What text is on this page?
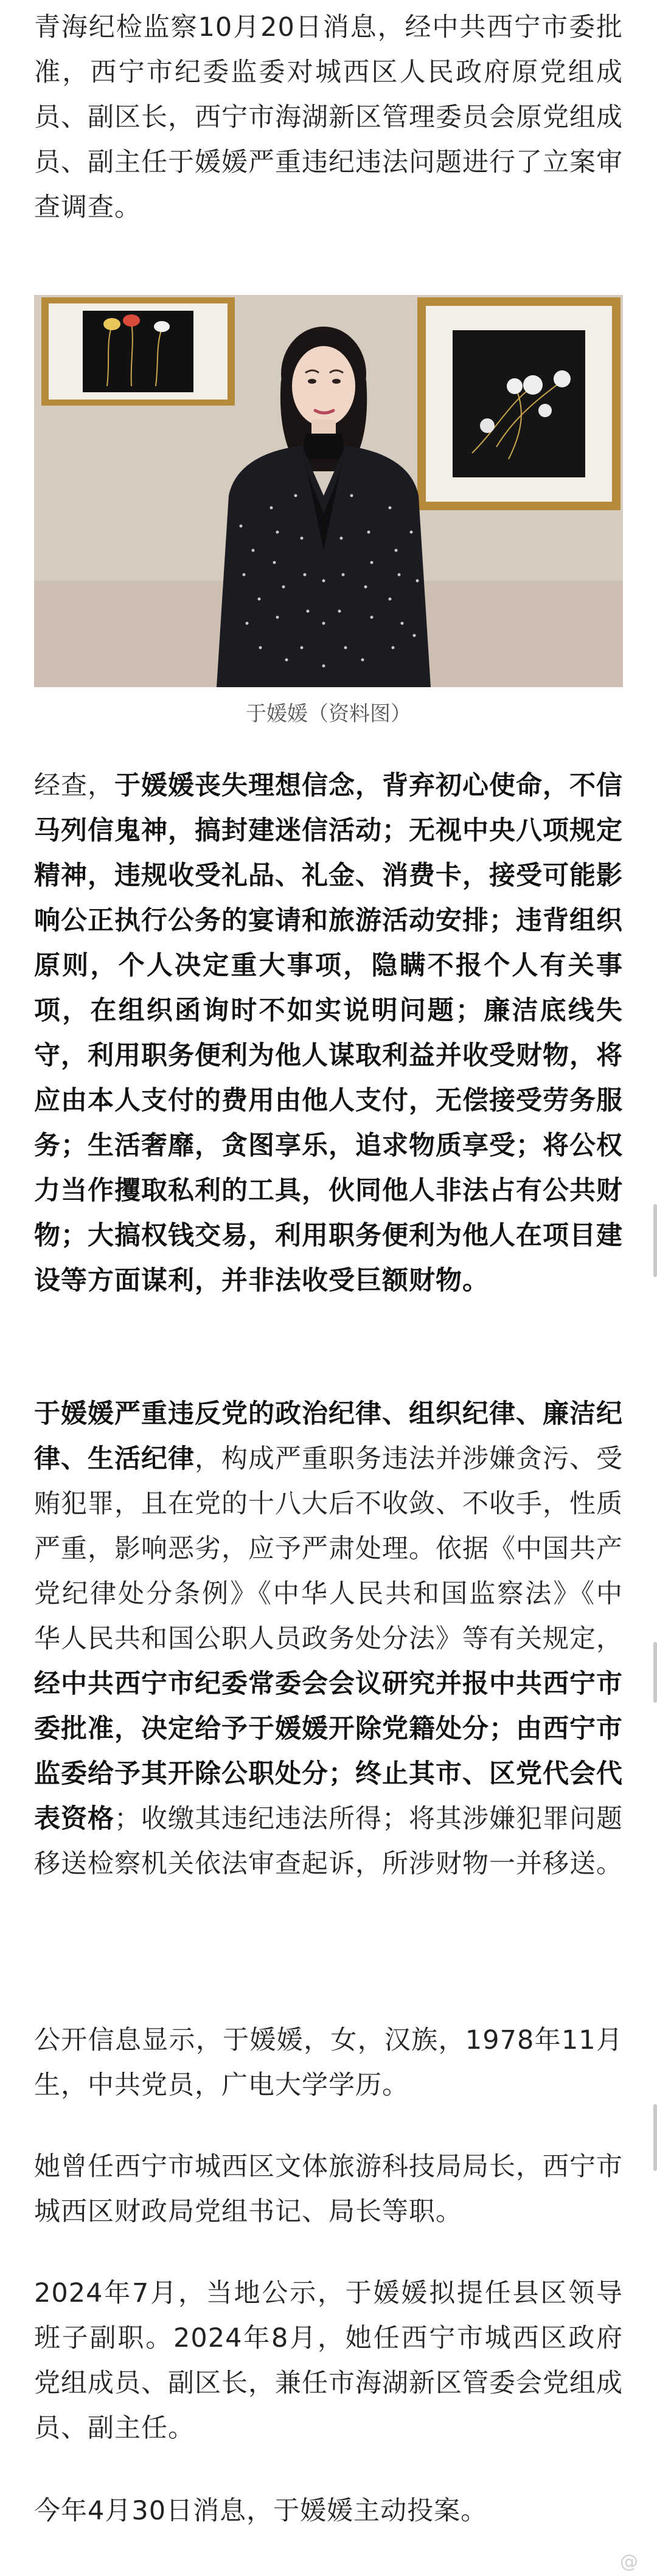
青海纪检监察10月20日消息，经中共西宁市委批准，西宁市纪委监委对城西区人民政府原党组成员、副区长，西宁市海湖新区管理委员会原党组成员、副主任于媛媛严重违纪违法问题进行了立案审查调查。

于媛媛（资料图）

经查，于媛媛丧失理想信念，背弃初心使命，不信马列信鬼神，搞封建迷信活动；无视中央八项规定精神，违规收受礼品、礼金、消费卡，接受可能影响公正执行公务的宴请和旅游活动安排；违背组织原则，个人决定重大事项，隐瞒不报个人有关事项，在组织函询时不如实说明问题；廉洁底线失守，利用职务便利为他人谋取利益并收受财物，将应由本人支付的费用由他人支付，无偿接受劳务服务；生活奢靡，贪图享乐，追求物质享受；将公权力当作攫取私利的工具，伙同他人非法占有公共财物；大搞权钱交易，利用职务便利为他人在项目建设等方面谋利，并非法收受巨额财物。

于媛媛严重违反党的政治纪律、组织纪律、廉洁纪律、生活纪律，构成严重职务违法并涉嫌贪污、受贿犯罪，且在党的十八大后不收敛、不收手，性质严重，影响恶劣，应予严肃处理。依据《中国共产党纪律处分条例》《中华人民共和国监察法》《中华人民共和国公职人员政务处分法》等有关规定，经中共西宁市纪委常委会会议研究并报中共西宁市委批准，决定给予于媛媛开除党籍处分；由西宁市监委给予其开除公职处分；终止其市、区党代会代表资格；收缴其违纪违法所得；将其涉嫌犯罪问题移送检察机关依法审查起诉，所涉财物一并移送。

公开信息显示，于媛媛，女，汉族，1978年11月生，中共党员，广电大学学历。

她曾任西宁市城西区文体旅游科技局局长，西宁市城西区财政局党组书记、局长等职。

2024年7月，当地公示，于媛媛拟提任县区领导班子副职。2024年8月，她任西宁市城西区政府党组成员、副区长，兼任市海湖新区管委会党组成员、副主任。

今年4月30日消息，于媛媛主动投案。

@
